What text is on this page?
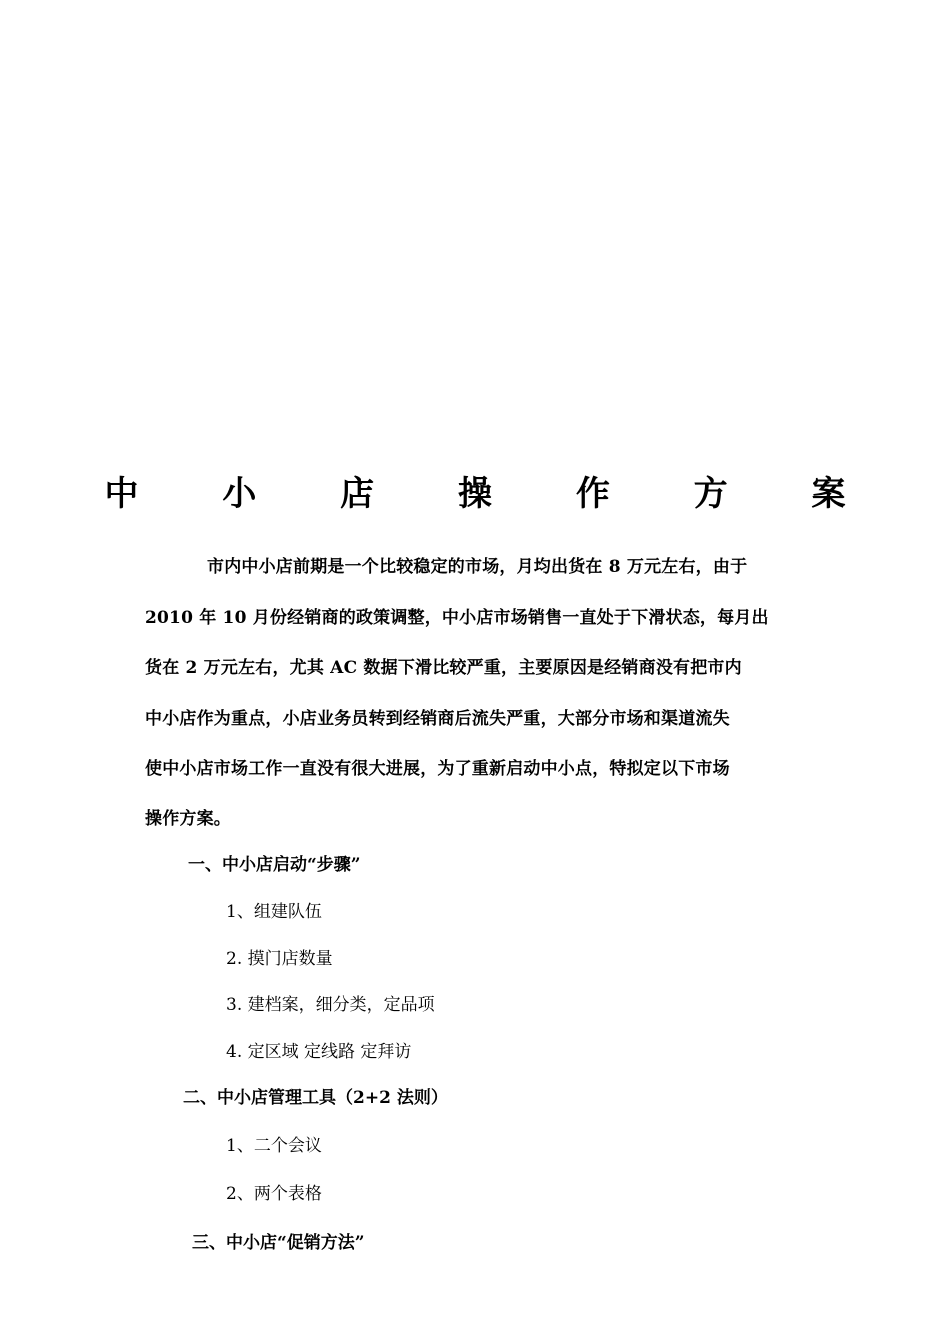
中 小 店 操 作 方 案
市内中小店前期是一个比较稳定的市场，月均出货在 8 万元左右，由于
2010 年 10 月份经销商的政策调整，中小店市场销售一直处于下滑状态，每月出
货在 2 万元左右，尤其 AC 数据下滑比较严重，主要原因是经销商没有把市内
中小店作为重点，小店业务员转到经销商后流失严重，大部分市场和渠道流失
使中小店市场工作一直没有很大进展，为了重新启动中小点，特拟定以下市场
操作方案。
一、中小店启动“步骤”
1、组建队伍
2. 摸门店数量
3. 建档案，细分类，定品项
4. 定区域 定线路 定拜访
二、中小店管理工具（2+2 法则）
1、二个会议
2、两个表格
三、中小店“促销方法”
